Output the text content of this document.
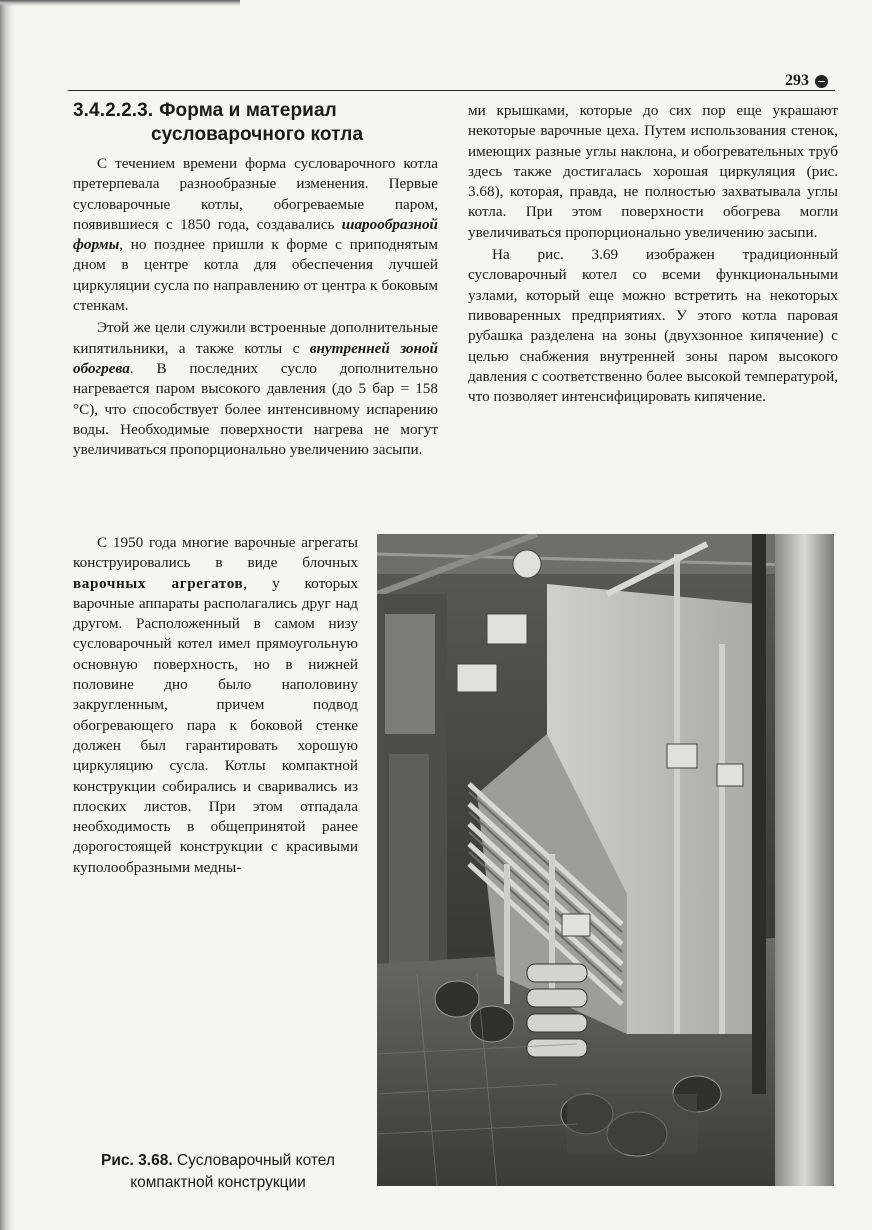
293
3.4.2.2.3. Форма и материал
сусловарочного котла

С течением времени форма сусловарочного котла претерпевала разнообразные изменения. Первые сусловарочные котлы, обогреваемые паром, появившиеся с 1850 года, создавались шарообразной формы, но позднее пришли к форме с приподнятым дном в центре котла для обеспечения лучшей циркуляции сусла по направлению от центра к боковым стенкам.

Этой же цели служили встроенные дополнительные кипятильники, а также котлы с внутренней зоной обогрева. В последних сусло дополнительно нагревается паром высокого давления (до 5 бар = 158 °С), что способствует более интенсивному испарению воды. Необходимые поверхности нагрева не могут увеличиваться пропорционально увеличению засыпи.

С 1950 года многие варочные агрегаты конструировались в виде блочных варочных агрегатов, у которых варочные аппараты располагались друг над другом. Расположенный в самом низу сусловарочный котел имел прямоугольную основную поверхность, но в нижней половине дно было наполовину закругленным, причем подвод обогревающего пара к боковой стенке должен был гарантировать хорошую циркуляцию сусла. Котлы компактной конструкции собирались и сваривались из плоских листов. При этом отпадала необходимость в общепринятой ранее дорогостоящей конструкции с красивыми куполообразными медны-

ми крышками, которые до сих пор еще украшают некоторые варочные цеха. Путем использования стенок, имеющих разные углы наклона, и обогревательных труб здесь также достигалась хорошая циркуляция (рис. 3.68), которая, правда, не полностью захватывала углы котла. При этом поверхности обогрева могли увеличиваться пропорционально увеличению засыпи.

На рис. 3.69 изображен традиционный сусловарочный котел со всеми функциональными узлами, который еще можно встретить на некоторых пивоваренных предприятиях. У этого котла паровая рубашка разделена на зоны (двухзонное кипячение) с целью снабжения внутренней зоны паром высокого давления с соответственно более высокой температурой, что позволяет интенсифицировать кипячение.

Рис. 3.68. Сусловарочный котел компактной конструкции
